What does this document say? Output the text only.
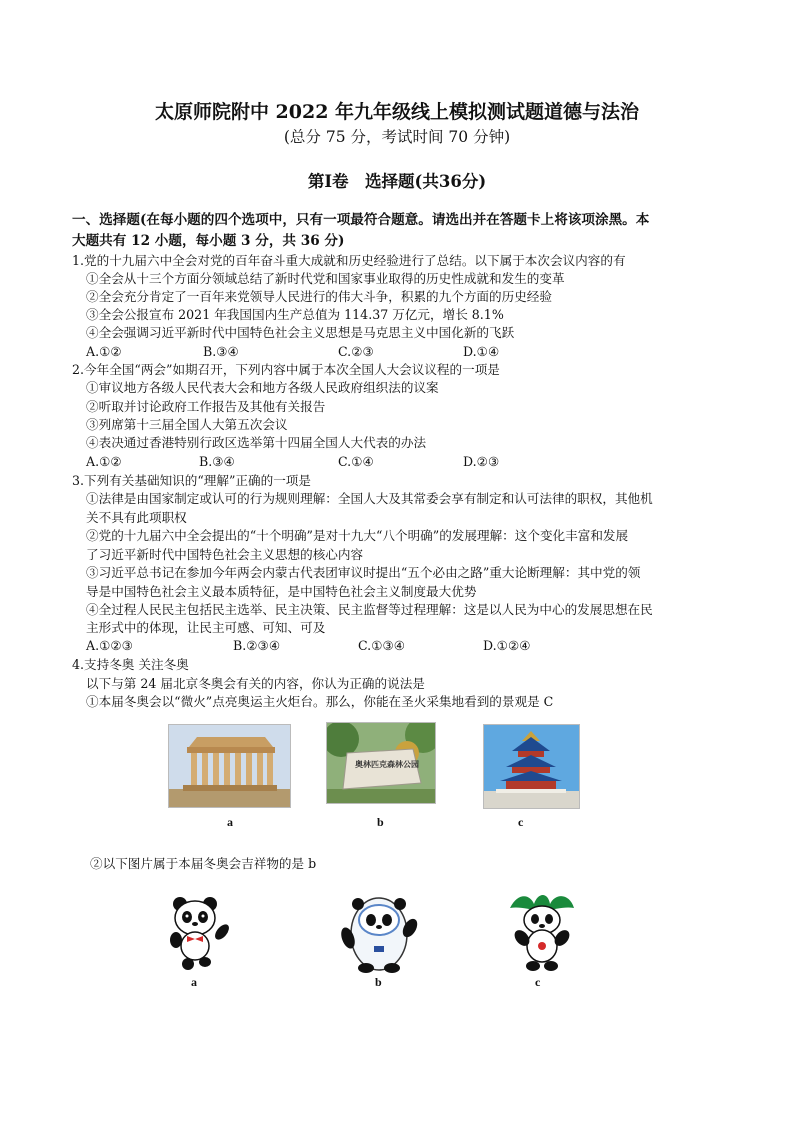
太原师院附中 2022 年九年级线上模拟测试题道德与法治
(总分 75 分，考试时间 70 分钟)
第Ⅰ卷　选择题(共36分)
一、选择题(在每小题的四个选项中，只有一项最符合题意。请选出并在答题卡上将该项涂黑。本
大题共有 12 小题，每小题 3 分，共 36 分)
1.党的十九届六中全会对党的百年奋斗重大成就和历史经验进行了总结。以下属于本次会议内容的有
①全会从十三个方面分领域总结了新时代党和国家事业取得的历史性成就和发生的变革
②全会充分肯定了一百年来党领导人民进行的伟大斗争，积累的九个方面的历史经验
③全会公报宣布 2021 年我国国内生产总值为 114.37 万亿元，增长 8.1%
④全会强调习近平新时代中国特色社会主义思想是马克思主义中国化新的飞跃
A.①②	B.③④	C.②③	D.①④
2.今年全国“两会”如期召开，下列内容中属于本次全国人大会议议程的一项是
①审议地方各级人民代表大会和地方各级人民政府组织法的议案
②听取并讨论政府工作报告及其他有关报告
③列席第十三届全国人大第五次会议
④表决通过香港特别行政区选举第十四届全国人大代表的办法
A.①②	B.③④	C.①④	D.②③
3.下列有关基础知识的“理解”正确的一项是
①法律是由国家制定或认可的行为规则理解：全国人大及其常委会享有制定和认可法律的职权，其他机
关不具有此项职权
②党的十九届六中全会提出的“十个明确”是对十九大“八个明确”的发展理解：这个变化丰富和发展
了习近平新时代中国特色社会主义思想的核心内容
③习近平总书记在参加今年两会内蒙古代表团审议时提出“五个必由之路”重大论断理解：其中党的领
导是中国特色社会主义最本质特征，是中国特色社会主义制度最大优势
④全过程人民民主包括民主选举、民主决策、民主监督等过程理解：这是以人民为中心的发展思想在民
主形式中的体现，让民主可感、可知、可及
A.①②③	B.②③④	C.①③④	D.①②④
4.支持冬奥 关注冬奥
以下与第 24 届北京冬奥会有关的内容，你认为正确的说法是
①本届冬奥会以“微火”点亮奥运主火炬台。那么，你能在圣火采集地看到的景观是 C
a
奥林匹克森林公园
b	c
②以下图片属于本届冬奥会吉祥物的是 b
a	b	c
